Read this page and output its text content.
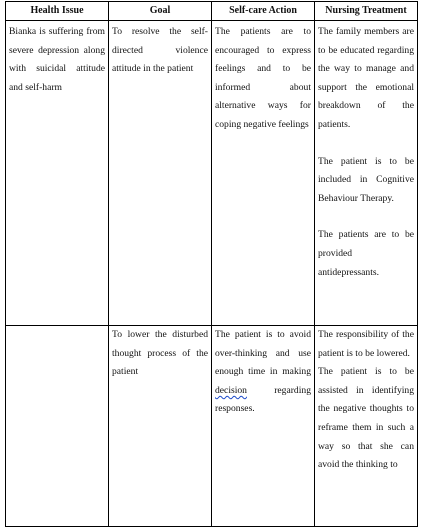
Health Issue	Goal	Self-care Action	Nursing Treatment

Bianka is suffering from severe depression along with suicidal attitude and self-harm	To resolve the self-directed violence attitude in the patient	The patients are to encouraged to express feelings and to be informed about alternative ways for coping negative feelings	The family members are to be educated regarding the way to manage and support the emotional breakdown of the patients.
The patient is to be included in Cognitive Behaviour Therapy.
The patients are to be provided antidepressants.

	To lower the disturbed thought process of the patient	The patient is to avoid over-thinking and use enough time in making decision regarding responses.	The responsibility of the patient is to be lowered.
The patient is to be assisted in identifying the negative thoughts to reframe them in such a way so that she can avoid the thinking to
